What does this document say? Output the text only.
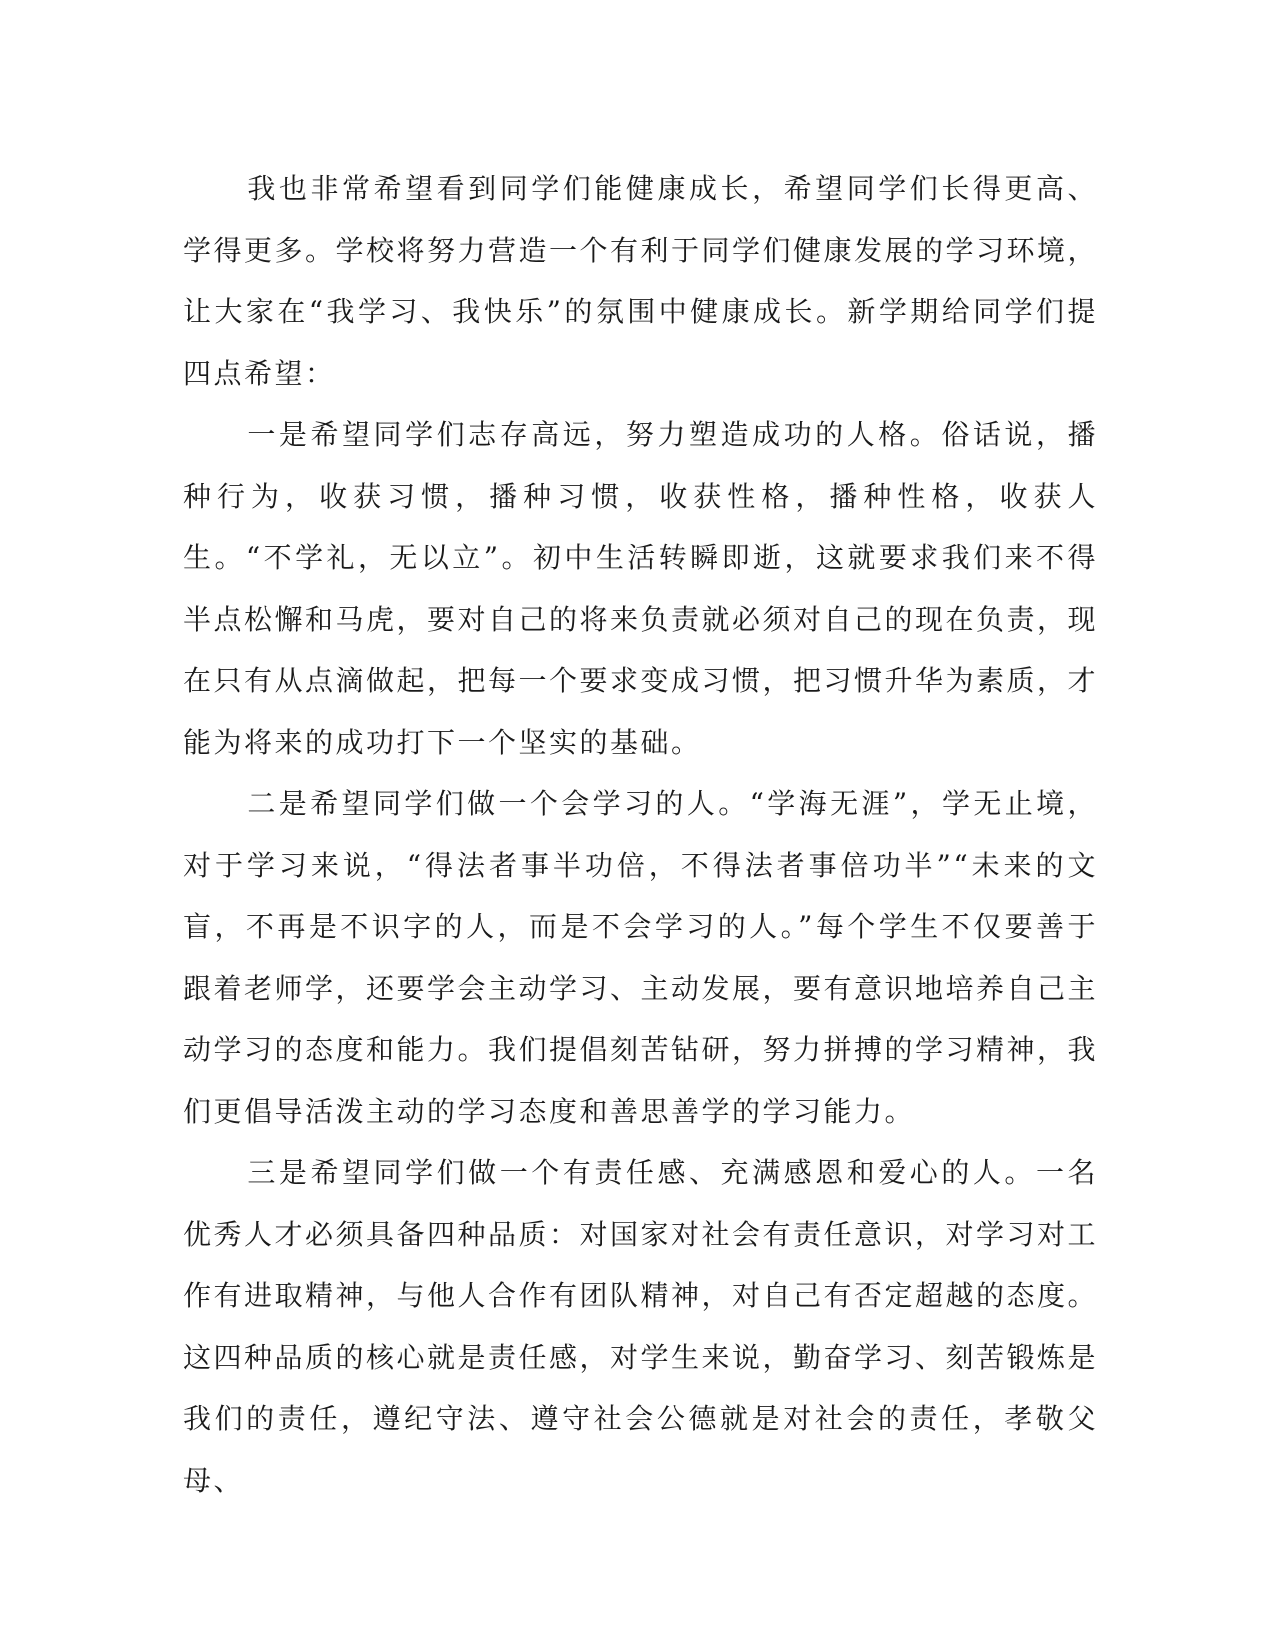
我也非常希望看到同学们能健康成长，希望同学们长得更高、学得更多。学校将努力营造一个有利于同学们健康发展的学习环境，让大家在“我学习、我快乐”的氛围中健康成长。新学期给同学们提四点希望：

一是希望同学们志存高远，努力塑造成功的人格。俗话说，播种行为，收获习惯，播种习惯，收获性格，播种性格，收获人生。“不学礼，无以立”。初中生活转瞬即逝，这就要求我们来不得半点松懈和马虎，要对自己的将来负责就必须对自己的现在负责，现在只有从点滴做起，把每一个要求变成习惯，把习惯升华为素质，才能为将来的成功打下一个坚实的基础。

二是希望同学们做一个会学习的人。“学海无涯”，学无止境，对于学习来说，“得法者事半功倍，不得法者事倍功半”“未来的文盲，不再是不识字的人，而是不会学习的人。”每个学生不仅要善于跟着老师学，还要学会主动学习、主动发展，要有意识地培养自己主动学习的态度和能力。我们提倡刻苦钻研，努力拼搏的学习精神，我们更倡导活泼主动的学习态度和善思善学的学习能力。

三是希望同学们做一个有责任感、充满感恩和爱心的人。一名优秀人才必须具备四种品质：对国家对社会有责任意识，对学习对工作有进取精神，与他人合作有团队精神，对自己有否定超越的态度。这四种品质的核心就是责任感，对学生来说，勤奋学习、刻苦锻炼是我们的责任，遵纪守法、遵守社会公德就是对社会的责任，孝敬父母、
